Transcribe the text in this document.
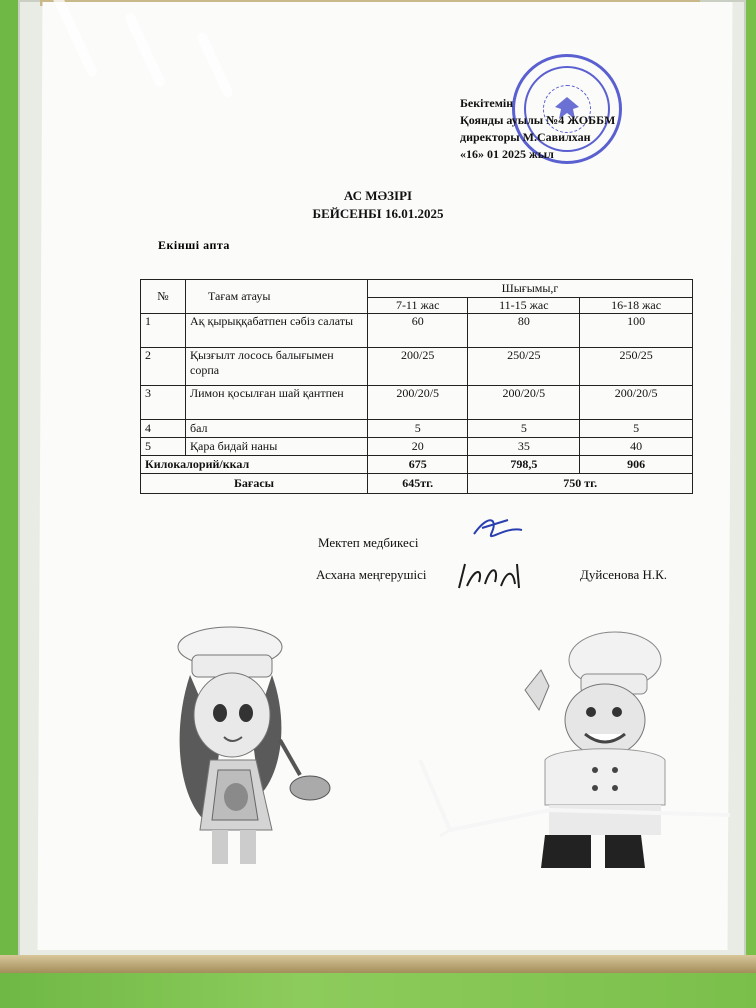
Бекітемін
Қоянды ауылы №4 ЖОББМ
директоры М.Савилхан
«16» 01 2025 жыл
АС МӘЗІРІ
БЕЙСЕНБІ 16.01.2025
Екінші апта
№	Тағам атауы	Шығымы,г		
		7-11 жас	11-15 жас	16-18 жас
1	Ақ қырыққабатпен сәбіз салаты	60	80	100
2	Қызғылт лосось балығымен сорпа	200/25	250/25	250/25
3	Лимон қосылған шай қантпен	200/20/5	200/20/5	200/20/5
4	бал	5	5	5
5	Қара бидай наны	20	35	40
Килокалорий/ккал		675	798,5	906
Бағасы		645тг.	750 тг.	
Мектеп медбикесі
Асхана меңгерушісі	Дуйсенова Н.К.
